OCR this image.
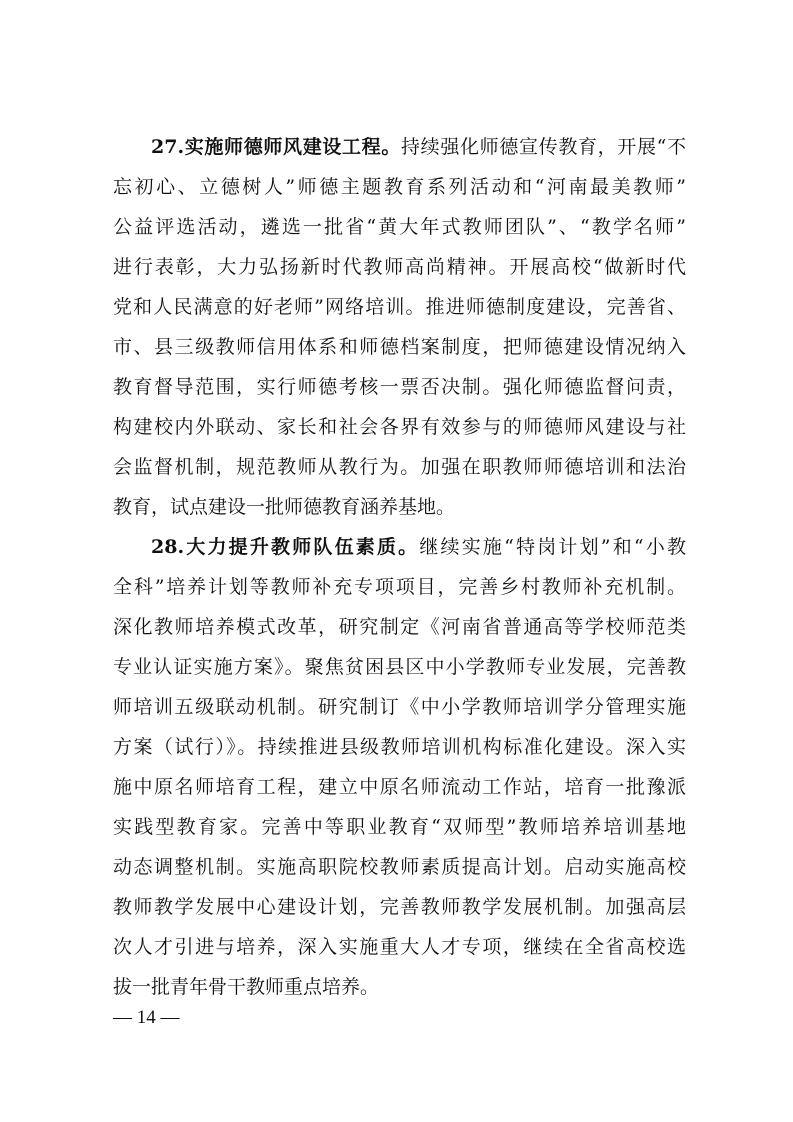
27.实施师德师风建设工程。持续强化师德宣传教育，开展“不
忘初心、立德树人”师德主题教育系列活动和“河南最美教师”
公益评选活动，遴选一批省“黄大年式教师团队”、“教学名师”
进行表彰，大力弘扬新时代教师高尚精神。开展高校“做新时代
党和人民满意的好老师”网络培训。推进师德制度建设，完善省、
市、县三级教师信用体系和师德档案制度，把师德建设情况纳入
教育督导范围，实行师德考核一票否决制。强化师德监督问责，
构建校内外联动、家长和社会各界有效参与的师德师风建设与社
会监督机制，规范教师从教行为。加强在职教师师德培训和法治
教育，试点建设一批师德教育涵养基地。
28.大力提升教师队伍素质。继续实施“特岗计划”和“小教
全科”培养计划等教师补充专项项目，完善乡村教师补充机制。
深化教师培养模式改革，研究制定《河南省普通高等学校师范类
专业认证实施方案》。聚焦贫困县区中小学教师专业发展，完善教
师培训五级联动机制。研究制订《中小学教师培训学分管理实施
方案（试行）》。持续推进县级教师培训机构标准化建设。深入实
施中原名师培育工程，建立中原名师流动工作站，培育一批豫派
实践型教育家。完善中等职业教育“双师型”教师培养培训基地
动态调整机制。实施高职院校教师素质提高计划。启动实施高校
教师教学发展中心建设计划，完善教师教学发展机制。加强高层
次人才引进与培养，深入实施重大人才专项，继续在全省高校选
拔一批青年骨干教师重点培养。
— 14 —
